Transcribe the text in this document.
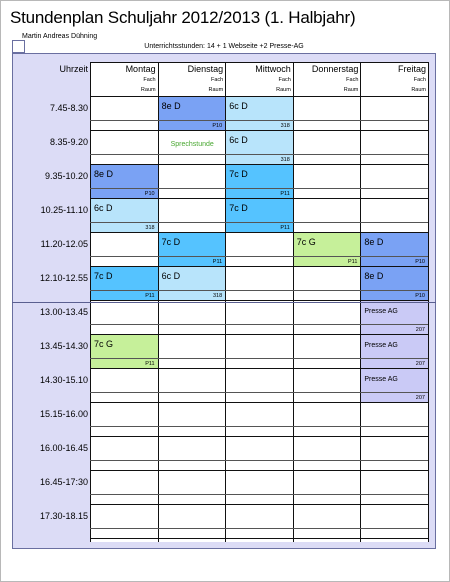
Stundenplan Schuljahr 2012/2013 (1. Halbjahr)
Martin Andreas Dühning
Unterrichtsstunden: 14 + 1 Webseite +2 Presse-AG
8e D
P10
6c D
318
Sprechstunde 6c D
318
8e D
P10
7c D
P11
6c D
318
7c D
P11
7c D
P11
7c G
P11
8e D
P10
7c D
P11
6c D
318
8e D
P10
Presse AG
207
7c G
P11
Presse AG
207
Presse AG
207
Uhrzeit	Montag
Fach
Raum
Dienstag
Fach
Raum
Mittwoch
Fach
Raum
Donnerstag
Fach
Raum
Freitag
Fach
Raum
7.45-8.30
8.35-9.20
9.35-10.20
10.25-11.10
11.20-12.05
12.10-12.55
13.00-13.45
13.45-14.30
14.30-15.10
15.15-16.00
16.00-16.45
16.45-17:30
17.30-18.15
